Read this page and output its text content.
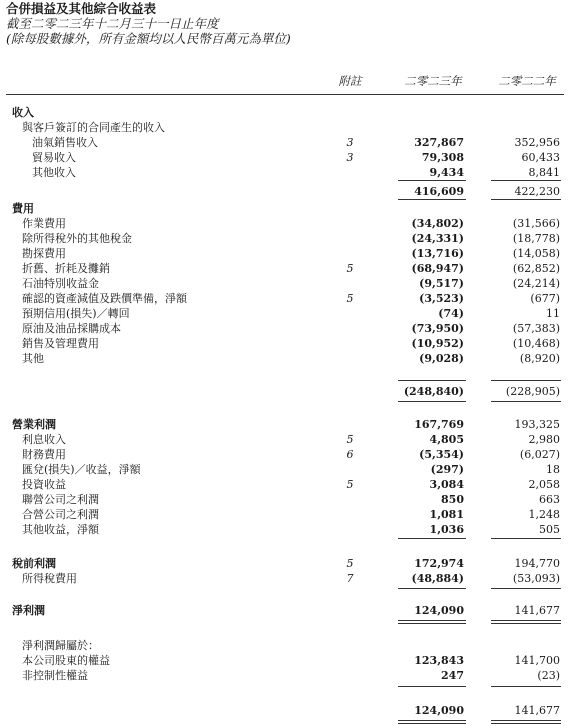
合併損益及其他綜合收益表
截至二零二三年十二月三十一日止年度
(除每股數據外，所有金額均以人民幣百萬元為單位)
附註	二零二三年	二零二二年
收入
與客戶簽訂的合同產生的收入
油氣銷售收入	3	327,867	352,956
貿易收入	3	79,308	60,433
其他收入	9,434	8,841
416,609	422,230
費用
作業費用	(34,802)	(31,566)
除所得稅外的其他稅金	(24,331)	(18,778)
勘探費用	(13,716)	(14,058)
折舊、折耗及攤銷	5	(68,947)	(62,852)
石油特別收益金	(9,517)	(24,214)
確認的資產減值及跌價準備，淨額	5	(3,523)	(677)
預期信用(損失)／轉回	(74)	11
原油及油品採購成本	(73,950)	(57,383)
銷售及管理費用	(10,952)	(10,468)
其他	(9,028)	(8,920)
(248,840)	(228,905)
營業利潤	167,769	193,325
利息收入	5	4,805	2,980
財務費用	6	(5,354)	(6,027)
匯兌(損失)／收益，淨額	(297)	18
投資收益	5	3,084	2,058
聯營公司之利潤	850	663
合營公司之利潤	1,081	1,248
其他收益，淨額	1,036	505
稅前利潤	5	172,974	194,770
所得稅費用	7	(48,884)	(53,093)
淨利潤	124,090	141,677
淨利潤歸屬於：
本公司股東的權益	123,843	141,700
非控制性權益	247	(23)
124,090	141,677
